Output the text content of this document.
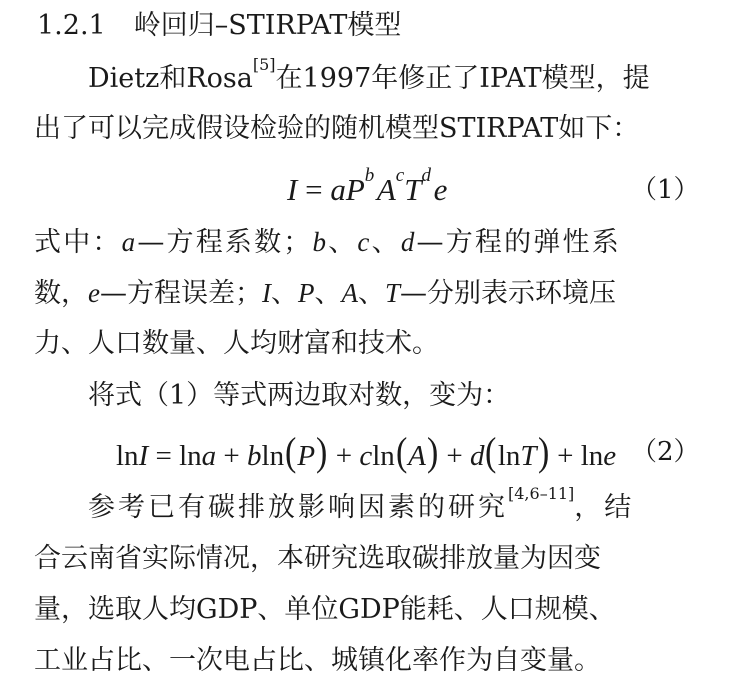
1.2.1 岭回归–STIRPAT模型
Dietz和Rosa[5]在1997年修正了IPAT模型，提
出了可以完成假设检验的随机模型STIRPAT如下：
$I = aP^b$ $A^cT^d$ e	（1）
式中：a—方程系数；b、c、d—方程的弹性系
数，e—方程误差；I、P、A、T—分别表示环境压
力、人口数量、人均财富和技术。
将式（1）等式两边取对数，变为：
lnI = lna + bln(P) + cln(A) + d(lnT) + lne （2）
参考已有碳排放影响因素的研究[4,6–11]，结
合云南省实际情况，本研究选取碳排放量为因变
量，选取人均GDP、单位GDP能耗、人口规模、
工业占比、一次电占比、城镇化率作为自变量。
